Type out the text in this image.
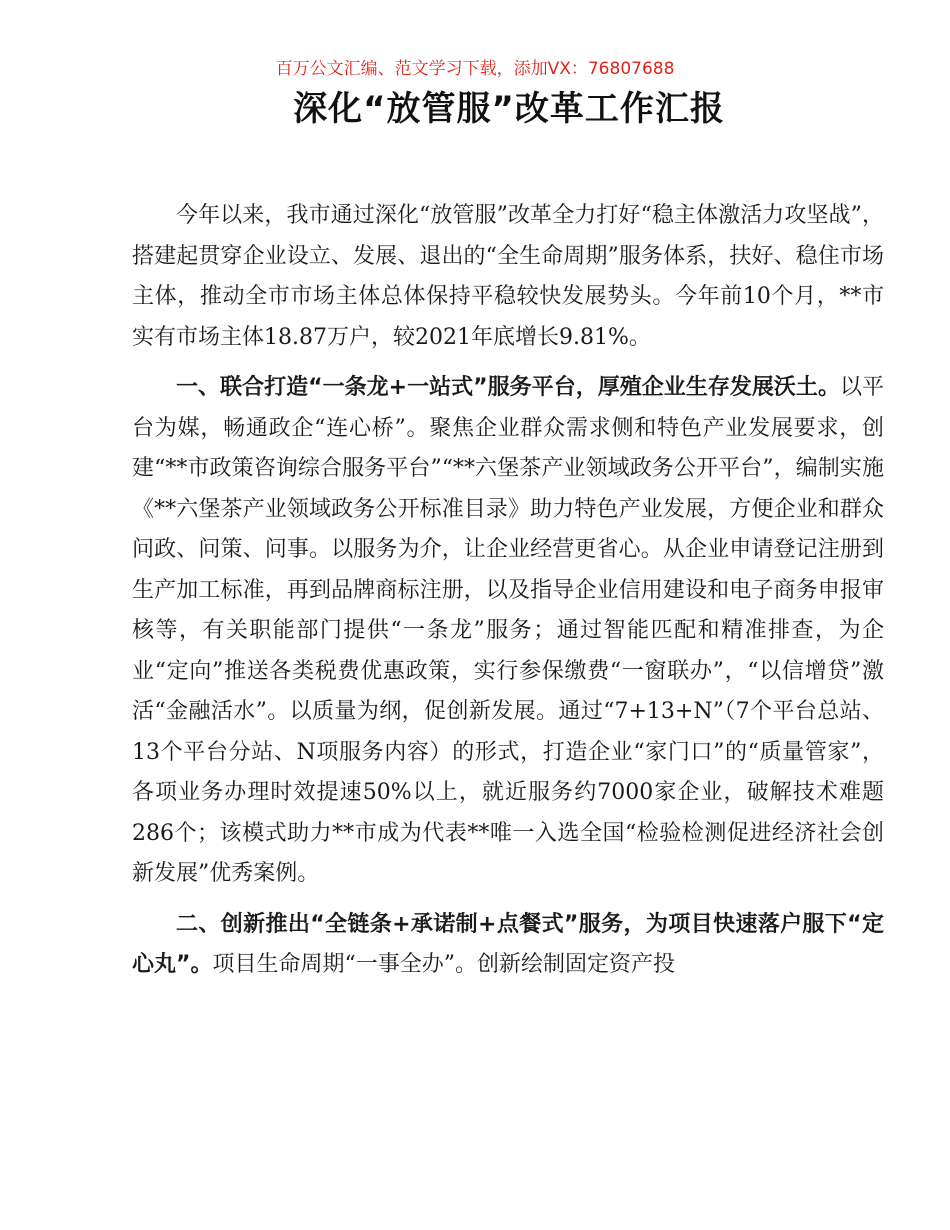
百万公文汇编、范文学习下载，添加VX：76807688
深化“放管服”改革工作汇报

今年以来，我市通过深化“放管服”改革全力打好“稳主体激活力攻坚战”，搭建起贯穿企业设立、发展、退出的“全生命周期”服务体系，扶好、稳住市场主体，推动全市市场主体总体保持平稳较快发展势头。今年前10个月，**市实有市场主体18.87万户，较2021年底增长9.81%。

一、联合打造“一条龙+一站式”服务平台，厚殖企业生存发展沃土。以平台为媒，畅通政企“连心桥”。聚焦企业群众需求侧和特色产业发展要求，创建“**市政策咨询综合服务平台”“**六堡茶产业领域政务公开平台”，编制实施《**六堡茶产业领域政务公开标准目录》助力特色产业发展，方便企业和群众问政、问策、问事。以服务为介，让企业经营更省心。从企业申请登记注册到生产加工标准，再到品牌商标注册，以及指导企业信用建设和电子商务申报审核等，有关职能部门提供“一条龙”服务；通过智能匹配和精准排查，为企业“定向”推送各类税费优惠政策，实行参保缴费“一窗联办”，“以信增贷”激活“金融活水”。以质量为纲，促创新发展。通过“7+13+N”（7个平台总站、13个平台分站、N项服务内容）的形式，打造企业“家门口”的“质量管家”，各项业务办理时效提速50%以上，就近服务约7000家企业，破解技术难题286个；该模式助力**市成为代表**唯一入选全国“检验检测促进经济社会创新发展”优秀案例。

二、创新推出“全链条+承诺制+点餐式”服务，为项目快速落户服下“定心丸”。项目生命周期“一事全办”。创新绘制固定资产投
